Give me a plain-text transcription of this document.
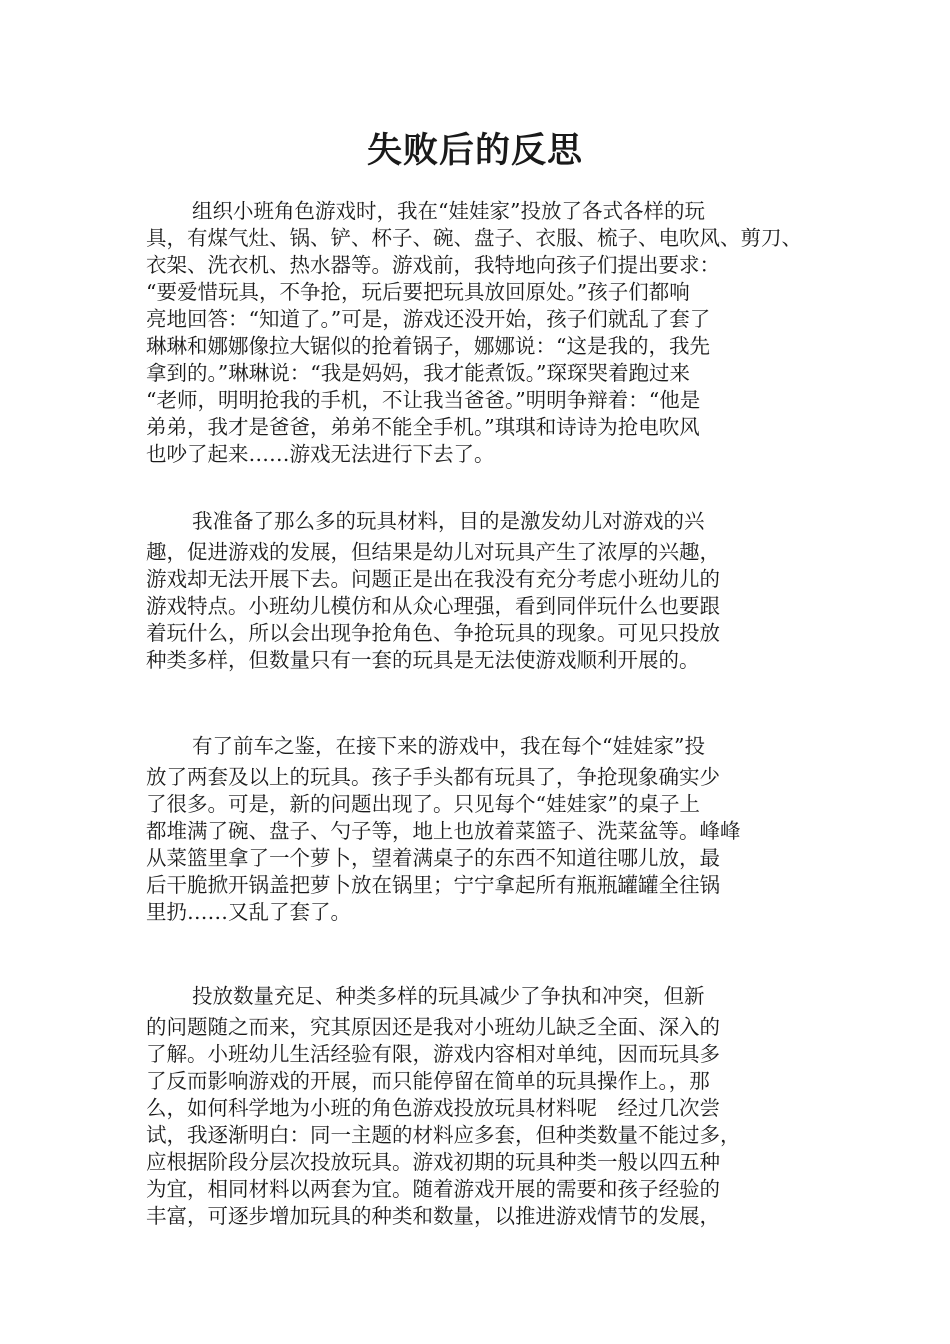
失败后的反思
组织小班角色游戏时，我在“娃娃家”投放了各式各样的玩
具，有煤气灶、锅、铲、杯子、碗、盘子、衣服、梳子、电吹风、剪刀、
衣架、洗衣机、热水器等。游戏前，我特地向孩子们提出要求：
“要爱惜玩具，不争抢，玩后要把玩具放回原处。”孩子们都响
亮地回答：“知道了。”可是，游戏还没开始，孩子们就乱了套了
琳琳和娜娜像拉大锯似的抢着锅子，娜娜说：“这是我的，我先
拿到的。”琳琳说：“我是妈妈，我才能煮饭。”琛琛哭着跑过来
“老师，明明抢我的手机，不让我当爸爸。”明明争辩着：“他是
弟弟，我才是爸爸，弟弟不能全手机。”琪琪和诗诗为抢电吹风
也吵了起来……游戏无法进行下去了。
我准备了那么多的玩具材料，目的是激发幼儿对游戏的兴
趣，促进游戏的发展，但结果是幼儿对玩具产生了浓厚的兴趣，
游戏却无法开展下去。问题正是出在我没有充分考虑小班幼儿的
游戏特点。小班幼儿模仿和从众心理强，看到同伴玩什么也要跟
着玩什么，所以会出现争抢角色、争抢玩具的现象。可见只投放
种类多样，但数量只有一套的玩具是无法使游戏顺利开展的。
有了前车之鉴，在接下来的游戏中，我在每个“娃娃家”投
放了两套及以上的玩具。孩子手头都有玩具了，争抢现象确实少
了很多。可是，新的问题出现了。只见每个“娃娃家”的桌子上
都堆满了碗、盘子、勺子等，地上也放着菜篮子、洗菜盆等。峰峰
从菜篮里拿了一个萝卜，望着满桌子的东西不知道往哪儿放，最
后干脆掀开锅盖把萝卜放在锅里；宁宁拿起所有瓶瓶罐罐全往锅
里扔……又乱了套了。
投放数量充足、种类多样的玩具减少了争执和冲突，但新
的问题随之而来，究其原因还是我对小班幼儿缺乏全面、深入的
了解。小班幼儿生活经验有限，游戏内容相对单纯，因而玩具多
了反而影响游戏的开展，而只能停留在简单的玩具操作上。，那
么，如何科学地为小班的角色游戏投放玩具材料呢　经过几次尝
试，我逐渐明白：同一主题的材料应多套，但种类数量不能过多，
应根据阶段分层次投放玩具。游戏初期的玩具种类一般以四五种
为宜，相同材料以两套为宜。随着游戏开展的需要和孩子经验的
丰富，可逐步增加玩具的种类和数量，以推进游戏情节的发展，
